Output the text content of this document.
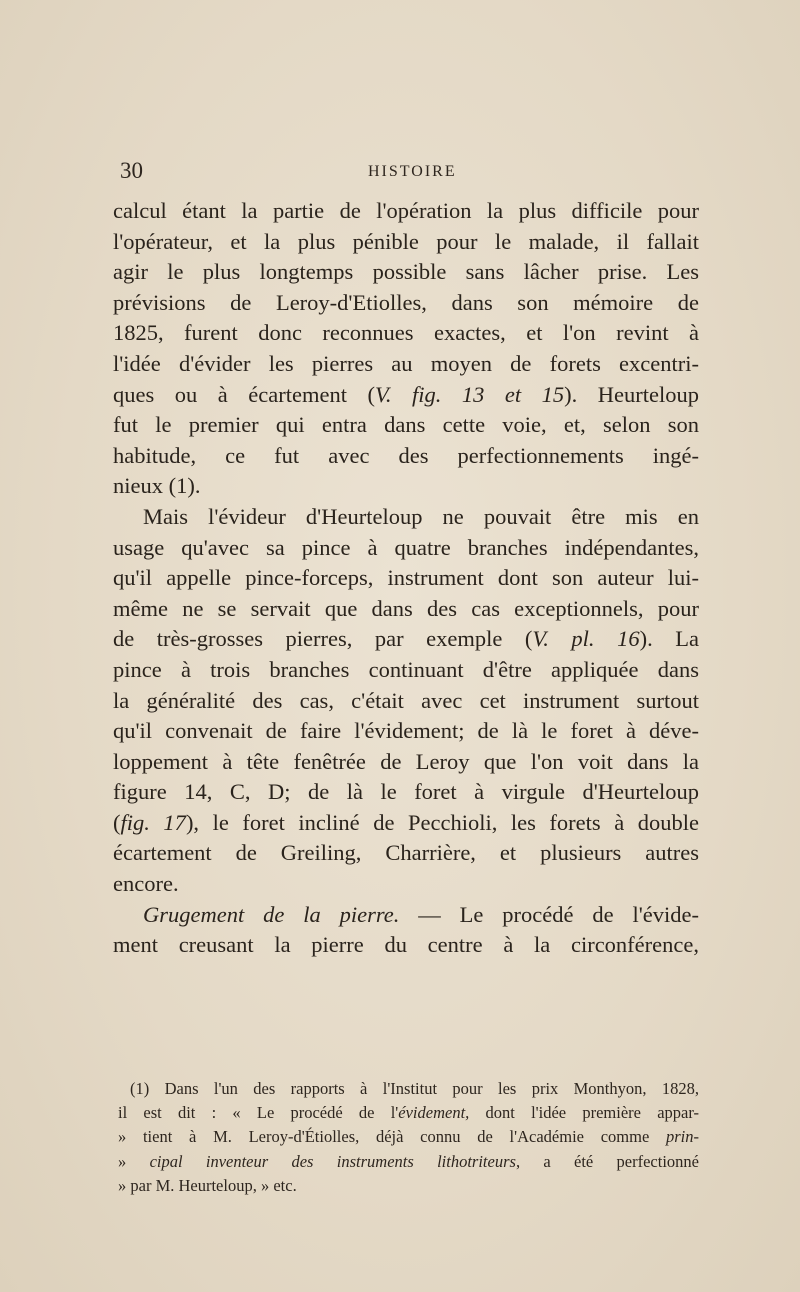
30	HISTOIRE
calcul étant la partie de l'opération la plus difficile pour
l'opérateur, et la plus pénible pour le malade, il fallait
agir le plus longtemps possible sans lâcher prise. Les
prévisions de Leroy-d'Etiolles, dans son mémoire de
1825, furent donc reconnues exactes, et l'on revint à
l'idée d'évider les pierres au moyen de forets excentri-
ques ou à écartement (V. fig. 13 et 15). Heurteloup
fut le premier qui entra dans cette voie, et, selon son
habitude, ce fut avec des perfectionnements ingé-
nieux (1).
Mais l'évideur d'Heurteloup ne pouvait être mis en
usage qu'avec sa pince à quatre branches indépendantes,
qu'il appelle pince-forceps, instrument dont son auteur lui-
même ne se servait que dans des cas exceptionnels, pour
de très-grosses pierres, par exemple (V. pl. 16). La
pince à trois branches continuant d'être appliquée dans
la généralité des cas, c'était avec cet instrument surtout
qu'il convenait de faire l'évidement; de là le foret à déve-
loppement à tête fenêtrée de Leroy que l'on voit dans la
figure 14, C, D; de là le foret à virgule d'Heurteloup
(fig. 17), le foret incliné de Pecchioli, les forets à double
écartement de Greiling, Charrière, et plusieurs autres
encore.
Grugement de la pierre. — Le procédé de l'évide-
ment creusant la pierre du centre à la circonférence,
(1) Dans l'un des rapports à l'Institut pour les prix Monthyon, 1828,
il est dit : « Le procédé de l'évidement, dont l'idée première appar-
» tient à M. Leroy-d'Étiolles, déjà connu de l'Académie comme prin-
» cipal inventeur des instruments lithotriteurs, a été perfectionné
» par M. Heurteloup, » etc.
